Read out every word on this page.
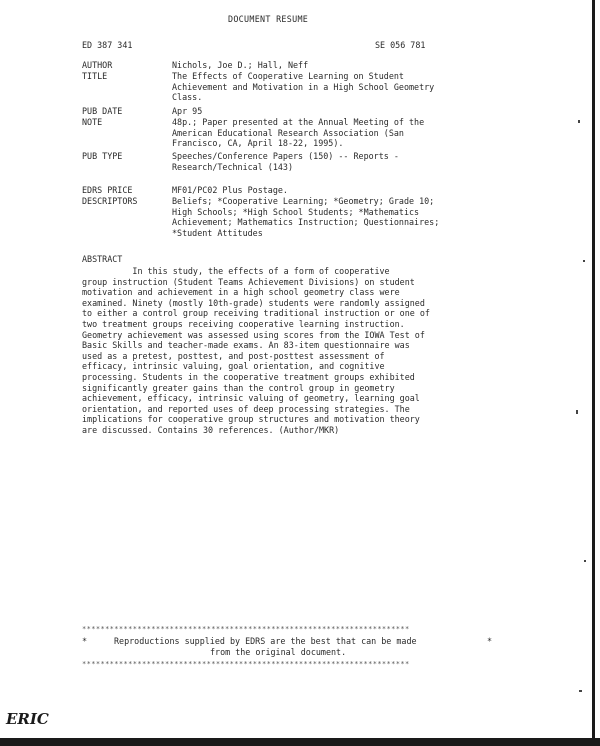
DOCUMENT RESUME
ED 387 341	SE 056 781

AUTHOR

	Nichols, Joe D.; Hall, Neff

TITLE

	The Effects of Cooperative Learning on Student
Achievement and Motivation in a High School Geometry
Class.

PUB DATE

	Apr 95

NOTE

	48p.; Paper presented at the Annual Meeting of the
American Educational Research Association (San
Francisco, CA, April 18-22, 1995).

PUB TYPE

	Speeches/Conference Papers (150) -- Reports -
Research/Technical (143)

EDRS PRICE

	MF01/PC02 Plus Postage.

DESCRIPTORS

	Beliefs; *Cooperative Learning; *Geometry; Grade 10;
High Schools; *High School Students; *Mathematics
Achievement; Mathematics Instruction; Questionnaires;
*Student Attitudes

ABSTRACT
In this study, the effects of a form of cooperative
group instruction (Student Teams Achievement Divisions) on student
motivation and achievement in a high school geometry class were
examined. Ninety (mostly 10th-grade) students were randomly assigned
to either a control group receiving traditional instruction or one of
two treatment groups receiving cooperative learning instruction.
Geometry achievement was assessed using scores from the IOWA Test of
Basic Skills and teacher-made exams. An 83-item questionnaire was
used as a pretest, posttest, and post-posttest assessment of
efficacy, intrinsic valuing, goal orientation, and cognitive
processing. Students in the cooperative treatment groups exhibited
significantly greater gains than the control group in geometry
achievement, efficacy, intrinsic valuing of geometry, learning goal
orientation, and reported uses of deep processing strategies. The
implications for cooperative group structures and motivation theory
are discussed. Contains 30 references. (Author/MKR)
***********************************************************************

*

	Reproductions supplied by EDRS are the best that can be made

	*

from the original document.

***********************************************************************
ERIC
